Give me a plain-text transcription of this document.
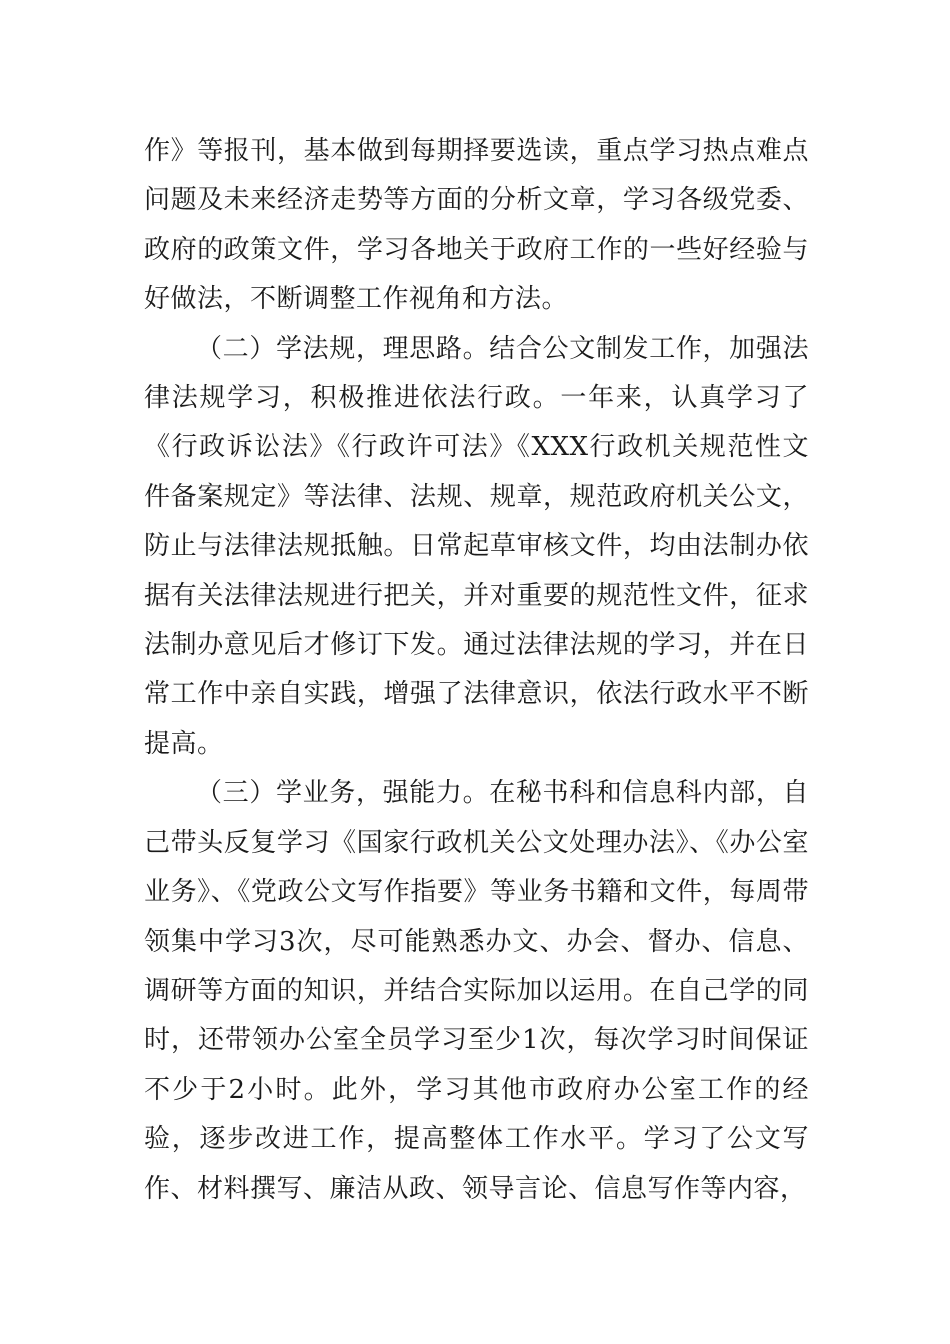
作》等报刊，基本做到每期择要选读，重点学习热点难点问题及未来经济走势等方面的分析文章，学习各级党委、政府的政策文件，学习各地关于政府工作的一些好经验与好做法，不断调整工作视角和方法。

（二）学法规，理思路。结合公文制发工作，加强法律法规学习，积极推进依法行政。一年来，认真学习了《行政诉讼法》《行政许可法》《XXX行政机关规范性文件备案规定》等法律、法规、规章，规范政府机关公文，防止与法律法规抵触。日常起草审核文件，均由法制办依据有关法律法规进行把关，并对重要的规范性文件，征求法制办意见后才修订下发。通过法律法规的学习，并在日常工作中亲自实践，增强了法律意识，依法行政水平不断提高。

（三）学业务，强能力。在秘书科和信息科内部，自己带头反复学习《国家行政机关公文处理办法》、《办公室业务》、《党政公文写作指要》等业务书籍和文件，每周带领集中学习3次，尽可能熟悉办文、办会、督办、信息、调研等方面的知识，并结合实际加以运用。在自己学的同时，还带领办公室全员学习至少1次，每次学习时间保证不少于2小时。此外，学习其他市政府办公室工作的经验，逐步改进工作，提高整体工作水平。学习了公文写作、材料撰写、廉洁从政、领导言论、信息写作等内容，
